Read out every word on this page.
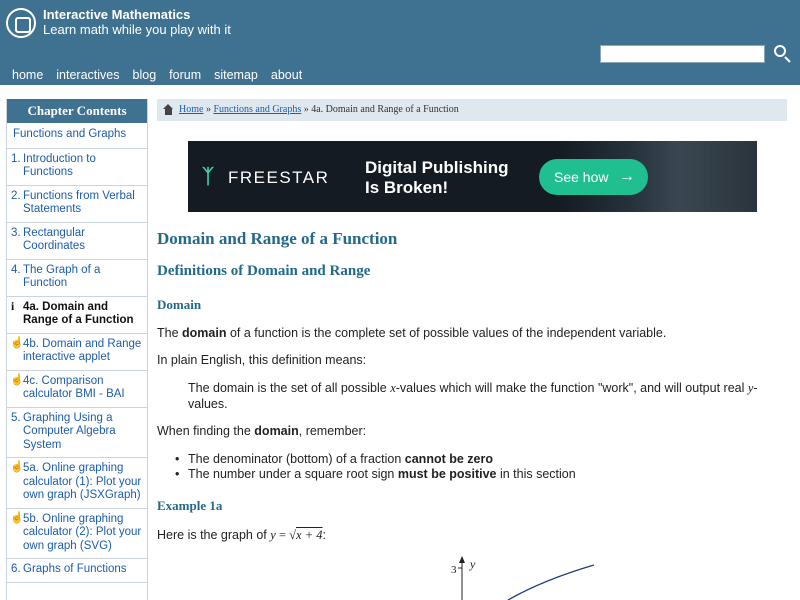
Interactive Mathematics
Learn math while you play with it
home interactives blog forum sitemap about
Chapter Contents
Functions and Graphs
1. Introduction to Functions
2. Functions from Verbal Statements
3. Rectangular Coordinates
4. The Graph of a Function
i 4a. Domain and Range of a Function
☝ 4b. Domain and Range interactive applet
☝ 4c. Comparison calculator BMI - BAI
5. Graphing Using a Computer Algebra System
☝ 5a. Online graphing calculator (1): Plot your own graph (JSXGraph)
☝ 5b. Online graphing calculator (2): Plot your own graph (SVG)
6. Graphs of Functions
Home » Functions and Graphs » 4a. Domain and Range of a Function
ᛉ FREESTAR
Digital Publishing
Is Broken!
See how →
Domain and Range of a Function
Definitions of Domain and Range
Domain

The domain of a function is the complete set of possible values of the independent variable.

In plain English, this definition means:

The domain is the set of all possible x-values which will make the function "work", and will output real y-values.

When finding the domain, remember:

• The denominator (bottom) of a fraction cannot be zero
• The number under a square root sign must be positive in this section
Example 1a

Here is the graph of y = √x + 4:

3 y
